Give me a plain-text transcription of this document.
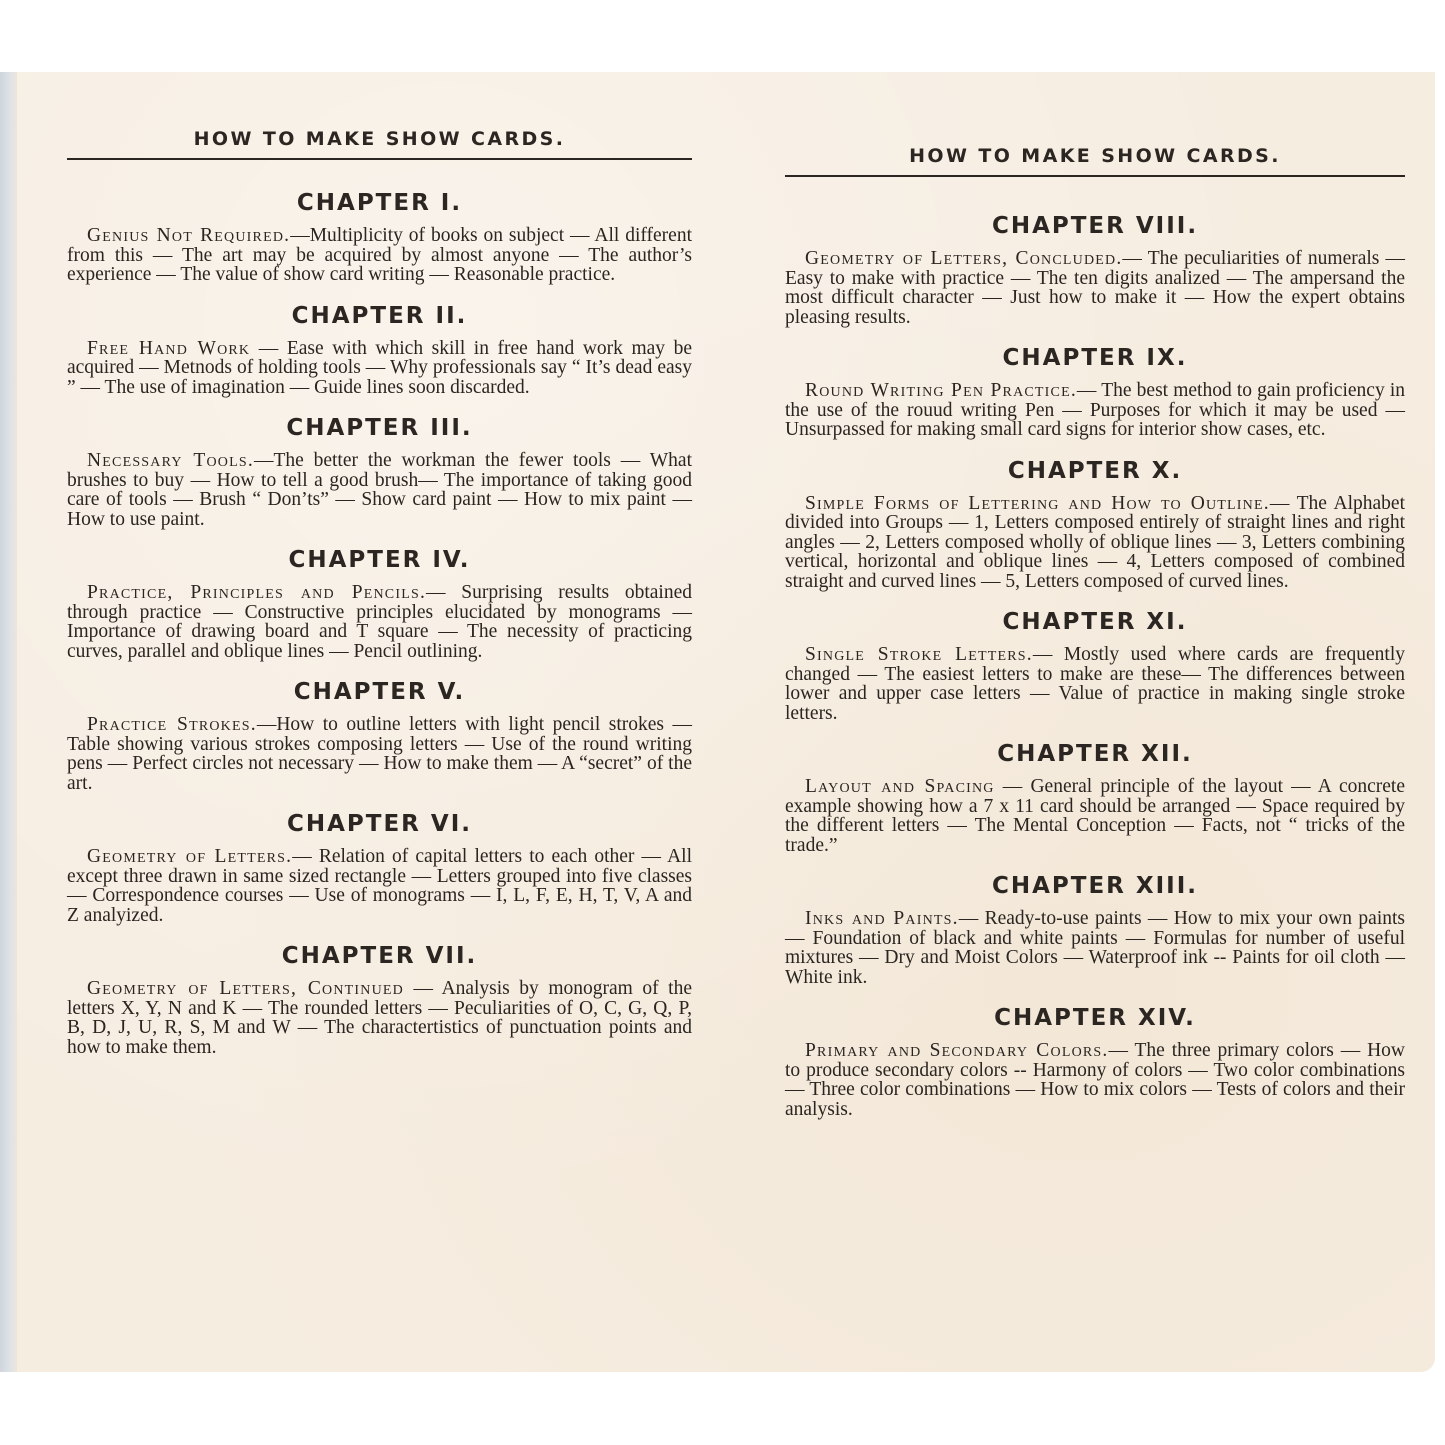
HOW TO MAKE SHOW CARDS.
CHAPTER I.

Genius Not Required.—Multiplicity of books on subject — All different from this — The art may be acquired by almost anyone — The author’s experience — The value of show card writing — Reasonable practice.

CHAPTER II.

Free Hand Work — Ease with which skill in free hand work may be acquired — Metnods of holding tools — Why professionals say “ It’s dead easy ” — The use of imagination — Guide lines soon discarded.

CHAPTER III.

Necessary Tools.—The better the workman the fewer tools — What brushes to buy — How to tell a good brush— The importance of taking good care of tools — Brush “ Don’ts” — Show card paint — How to mix paint — How to use paint.

CHAPTER IV.

Practice, Principles and Pencils.— Surprising results obtained through practice — Constructive principles elucidated by monograms — Importance of drawing board and T square — The necessity of practicing curves, parallel and oblique lines — Pencil outlining.

CHAPTER V.

Practice Strokes.—How to outline letters with light pencil strokes — Table showing various strokes composing letters — Use of the round writing pens — Perfect circles not necessary — How to make them — A “secret” of the art.

CHAPTER VI.

Geometry of Letters.— Relation of capital letters to each other — All except three drawn in same sized rectangle — Letters grouped into five classes — Correspondence courses — Use of monograms — I, L, F, E, H, T, V, A and Z analyized.

CHAPTER VII.

Geometry of Letters, Continued — Analysis by monogram of the letters X, Y, N and K — The rounded letters — Peculiarities of O, C, G, Q, P, B, D, J, U, R, S, M and W — The charactertistics of punctuation points and how to make them.

HOW TO MAKE SHOW CARDS.
CHAPTER VIII.

Geometry of Letters, Concluded.— The peculiarities of numerals — Easy to make with practice — The ten digits analized — The ampersand the most difficult character — Just how to make it — How the expert obtains pleasing results.

CHAPTER IX.

Round Writing Pen Practice.— The best method to gain proficiency in the use of the rouud writing Pen — Purposes for which it may be used — Unsurpassed for making small card signs for interior show cases, etc.

CHAPTER X.

Simple Forms of Lettering and How to Outline.— The Alphabet divided into Groups — 1, Letters composed entirely of straight lines and right angles — 2, Letters composed wholly of oblique lines — 3, Letters combining vertical, horizontal and oblique lines — 4, Letters composed of combined straight and curved lines — 5, Letters composed of curved lines.

CHAPTER XI.

Single Stroke Letters.— Mostly used where cards are frequently changed — The easiest letters to make are these— The differences between lower and upper case letters — Value of practice in making single stroke letters.

CHAPTER XII.

Layout and Spacing — General principle of the layout — A concrete example showing how a 7 x 11 card should be arranged — Space required by the different letters — The Mental Conception — Facts, not “ tricks of the trade.”

CHAPTER XIII.

Inks and Paints.— Ready-to-use paints — How to mix your own paints — Foundation of black and white paints — Formulas for number of useful mixtures — Dry and Moist Colors — Waterproof ink -- Paints for oil cloth — White ink.

CHAPTER XIV.

Primary and Secondary Colors.— The three primary colors — How to produce secondary colors -- Harmony of colors — Two color combinations — Three color combinations — How to mix colors — Tests of colors and their analysis.
